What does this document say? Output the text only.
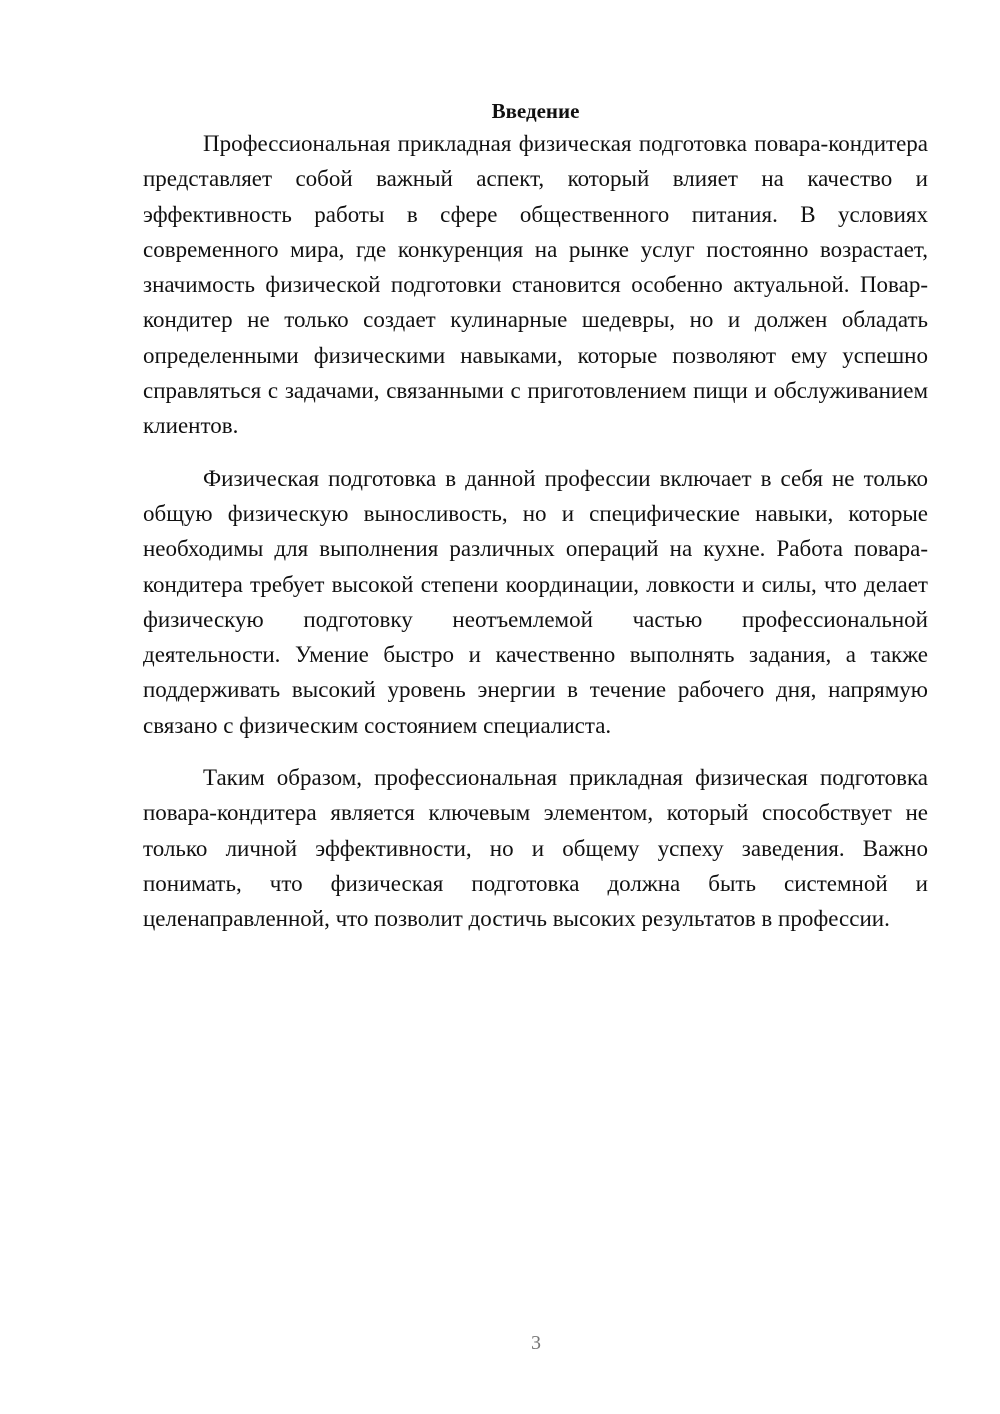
Введение

Профессиональная прикладная физическая подготовка повара-кондитера представляет собой важный аспект, который влияет на качество и эффективность работы в сфере общественного питания. В условиях современного мира, где конкуренция на рынке услуг постоянно возрастает, значимость физической подготовки становится особенно актуальной. Повар-кондитер не только создает кулинарные шедевры, но и должен обладать определенными физическими навыками, которые позволяют ему успешно справляться с задачами, связанными с приготовлением пищи и обслуживанием клиентов.

Физическая подготовка в данной профессии включает в себя не только общую физическую выносливость, но и специфические навыки, которые необходимы для выполнения различных операций на кухне. Работа повара-кондитера требует высокой степени координации, ловкости и силы, что делает физическую подготовку неотъемлемой частью профессиональной деятельности. Умение быстро и качественно выполнять задания, а также поддерживать высокий уровень энергии в течение рабочего дня, напрямую связано с физическим состоянием специалиста.

Таким образом, профессиональная прикладная физическая подготовка повара-кондитера является ключевым элементом, который способствует не только личной эффективности, но и общему успеху заведения. Важно понимать, что физическая подготовка должна быть системной и целенаправленной, что позволит достичь высоких результатов в профессии.

3
